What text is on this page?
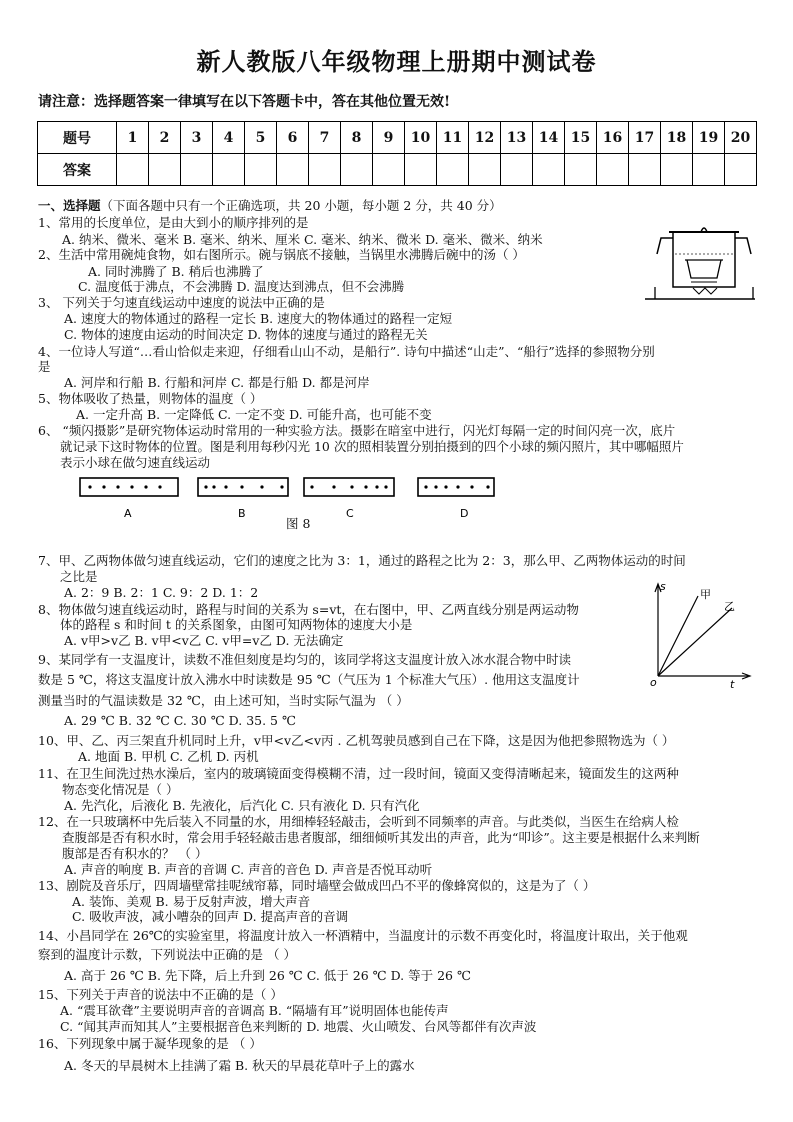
新人教版八年级物理上册期中测试卷
请注意：选择题答案一律填写在以下答题卡中，答在其他位置无效!
题号	1	2	3	4	5	6	7	8	9	10	11	12	13	14	15	16	17	18	19	20
答案																				
一、选择题（下面各题中只有一个正确选项，共 20 小题，每小题 2 分，共 40 分）
1、常用的长度单位，是由大到小的顺序排列的是
A. 纳米、微米、毫米 B. 毫米、纳米、厘米 C. 毫米、纳米、微米 D. 毫米、微米、纳米
2、生活中常用碗炖食物，如右图所示。碗与锅底不接触，当锅里水沸腾后碗中的汤（ ）
A. 同时沸腾了 B. 稍后也沸腾了
C. 温度低于沸点，不会沸腾 D. 温度达到沸点，但不会沸腾
3、 下列关于匀速直线运动中速度的说法中正确的是
A. 速度大的物体通过的路程一定长 B. 速度大的物体通过的路程一定短
C. 物体的速度由运动的时间决定 D. 物体的速度与通过的路程无关
4、一位诗人写道“…看山恰似走来迎，仔细看山山不动，是船行”. 诗句中描述“山走”、“船行”选择的参照物分别
是
A. 河岸和行船 B. 行船和河岸 C. 都是行船 D. 都是河岸
5、物体吸收了热量，则物体的温度（ ）
A. 一定升高 B. 一定降低 C. 一定不变 D. 可能升高，也可能不变
6、 “频闪摄影”是研究物体运动时常用的一种实验方法。摄影在暗室中进行，闪光灯每隔一定的时间闪亮一次，底片
就记录下这时物体的位置。图是利用每秒闪光 10 次的照相装置分别拍摄到的四个小球的频闪照片，其中哪幅照片
表示小球在做匀速直线运动
A	B	C	D
图 8
7、甲、乙两物体做匀速直线运动，它们的速度之比为 3：1，通过的路程之比为 2：3，那么甲、乙两物体运动的时间
之比是
A. 2：9 B. 2：1 C. 9：2 D. 1：2	s
甲
乙
o	t
8、物体做匀速直线运动时，路程与时间的关系为 s=vt，在右图中，甲、乙两直线分别是两运动物
体的路程 s 和时间 t 的关系图象，由图可知两物体的速度大小是
A. v甲>v乙 B. v甲<v乙 C. v甲=v乙 D. 无法确定
9、某同学有一支温度计，读数不准但刻度是均匀的，该同学将这支温度计放入冰水混合物中时读
数是 5 ℃，将这支温度计放入沸水中时读数是 95 ℃（气压为 1 个标准大气压）. 他用这支温度计
测量当时的气温读数是 32 ℃，由上述可知，当时实际气温为 （ ）
A. 29 ℃ B. 32 ℃ C. 30 ℃ D. 35. 5 ℃
10、甲、乙、丙三架直升机同时上升，v甲<v乙<v丙 . 乙机驾驶员感到自己在下降，这是因为他把参照物选为（ ）
A. 地面 B. 甲机 C. 乙机 D. 丙机
11、在卫生间洗过热水澡后，室内的玻璃镜面变得模糊不清，过一段时间，镜面又变得清晰起来，镜面发生的这两种
物态变化情况是（ ）
A. 先汽化，后液化 B. 先液化，后汽化 C. 只有液化 D. 只有汽化
12、在一只玻璃杯中先后装入不同量的水，用细棒轻轻敲击，会听到不同频率的声音。与此类似，当医生在给病人检
查腹部是否有积水时，常会用手轻轻敲击患者腹部，细细倾听其发出的声音，此为“叩诊”。这主要是根据什么来判断
腹部是否有积水的？ （ ）
A. 声音的响度 B. 声音的音调 C. 声音的音色 D. 声音是否悦耳动听
13、剧院及音乐厅，四周墙壁常挂呢绒帘幕，同时墙壁会做成凹凸不平的像蜂窝似的，这是为了（ ）
A. 装饰、美观 B. 易于反射声波，增大声音
C. 吸收声波，减小嘈杂的回声 D. 提高声音的音调
14、小昌同学在 26℃的实验室里，将温度计放入一杯酒精中，当温度计的示数不再变化时，将温度计取出，关于他观
察到的温度计示数，下列说法中正确的是 （ ）
A. 高于 26 ℃ B. 先下降，后上升到 26 ℃ C. 低于 26 ℃ D. 等于 26 ℃
15、下列关于声音的说法中不正确的是（ ）
A. “震耳欲聋”主要说明声音的音调高 B. “隔墙有耳”说明固体也能传声
C. “闻其声而知其人”主要根据音色来判断的 D. 地震、火山喷发、台风等都伴有次声波
16、下列现象中属于凝华现象的是 （ ）
A. 冬天的早晨树木上挂满了霜 B. 秋天的早晨花草叶子上的露水
